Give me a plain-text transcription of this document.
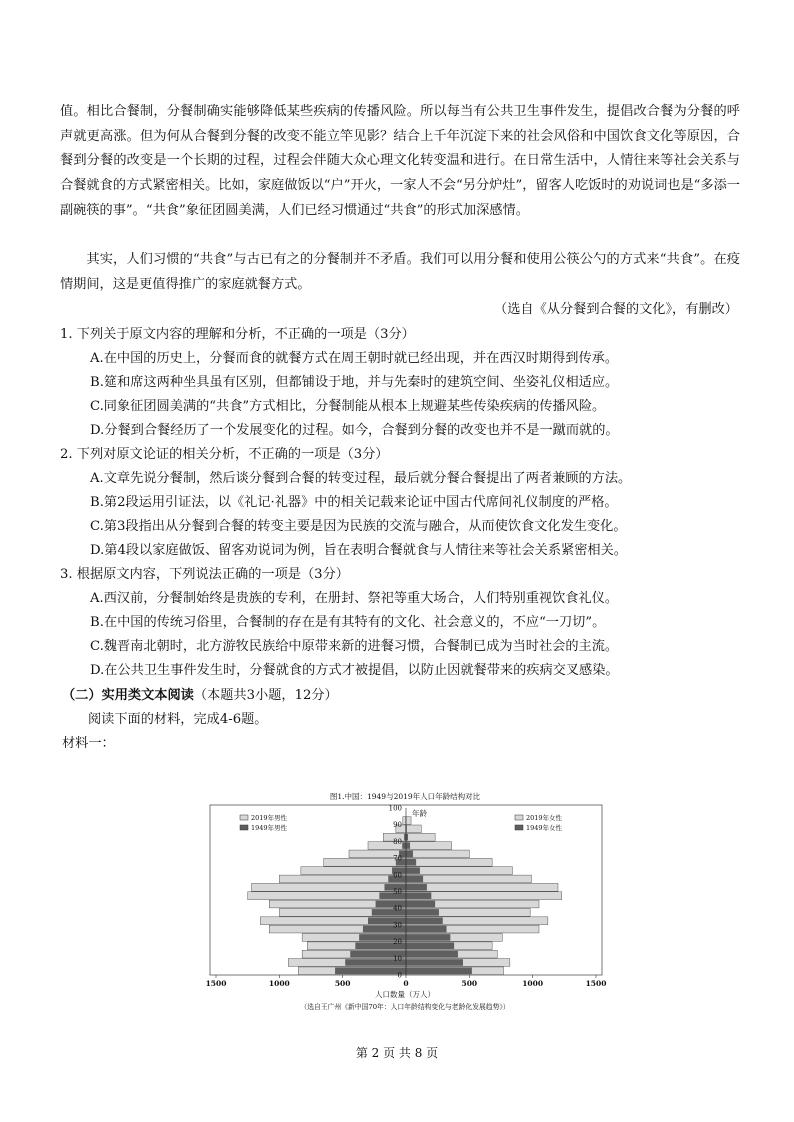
值。相比合餐制，分餐制确实能够降低某些疾病的传播风险。所以每当有公共卫生事件发生，提倡改合餐为分餐的呼声就更高涨。但为何从合餐到分餐的改变不能立竿见影？结合上千年沉淀下来的社会风俗和中国饮食文化等原因，合餐到分餐的改变是一个长期的过程，过程会伴随大众心理文化转变温和进行。在日常生活中，人情往来等社会关系与合餐就食的方式紧密相关。比如，家庭做饭以“户”开火，一家人不会“另分炉灶”，留客人吃饭时的劝说词也是“多添一副碗筷的事”。“共食”象征团圆美满，人们已经习惯通过“共食”的形式加深感情。

其实，人们习惯的“共食”与古已有之的分餐制并不矛盾。我们可以用分餐和使用公筷公勺的方式来“共食”。在疫情期间，这是更值得推广的家庭就餐方式。

（选自《从分餐到合餐的文化》，有删改）

1. 下列关于原文内容的理解和分析，不正确的一项是（3分）

A.在中国的历史上，分餐而食的就餐方式在周王朝时就已经出现，并在西汉时期得到传承。

B.筵和席这两种坐具虽有区别，但都铺设于地，并与先秦时的建筑空间、坐姿礼仪相适应。

C.同象征团圆美满的“共食”方式相比，分餐制能从根本上规避某些传染疾病的传播风险。

D.分餐到合餐经历了一个发展变化的过程。如今，合餐到分餐的改变也并不是一蹴而就的。

2. 下列对原文论证的相关分析，不正确的一项是（3分）

A.文章先说分餐制，然后谈分餐到合餐的转变过程，最后就分餐合餐提出了两者兼顾的方法。

B.第2段运用引证法，以《礼记·礼器》中的相关记载来论证中国古代席间礼仪制度的严格。

C.第3段指出从分餐到合餐的转变主要是因为民族的交流与融合，从而使饮食文化发生变化。

D.第4段以家庭做饭、留客劝说词为例，旨在表明合餐就食与人情往来等社会关系紧密相关。

3. 根据原文内容，下列说法正确的一项是（3分）

A.西汉前，分餐制始终是贵族的专利，在册封、祭祀等重大场合，人们特别重视饮食礼仪。

B.在中国的传统习俗里，合餐制的存在是有其特有的文化、社会意义的，不应“一刀切”。

C.魏晋南北朝时，北方游牧民族给中原带来新的进餐习惯，合餐制已成为当时社会的主流。

D.在公共卫生事件发生时，分餐就食的方式才被提倡，以防止因就餐带来的疾病交叉感染。

（二）实用类文本阅读（本题共3小题，12分）

阅读下面的材料，完成4-6题。

材料一：

图1.中国：1949与2019年人口年龄结构对比
0
10
20
30
40
50
60
70
80
90
100
年龄
2019年男性
1949年男性
2019年女性
1949年女性
1500	1000	500	0	500	1000	1500
人口数量（万人）
（选自王广州《新中国70年：人口年龄结构变化与老龄化发展趋势》）
第 2 页 共 8 页
